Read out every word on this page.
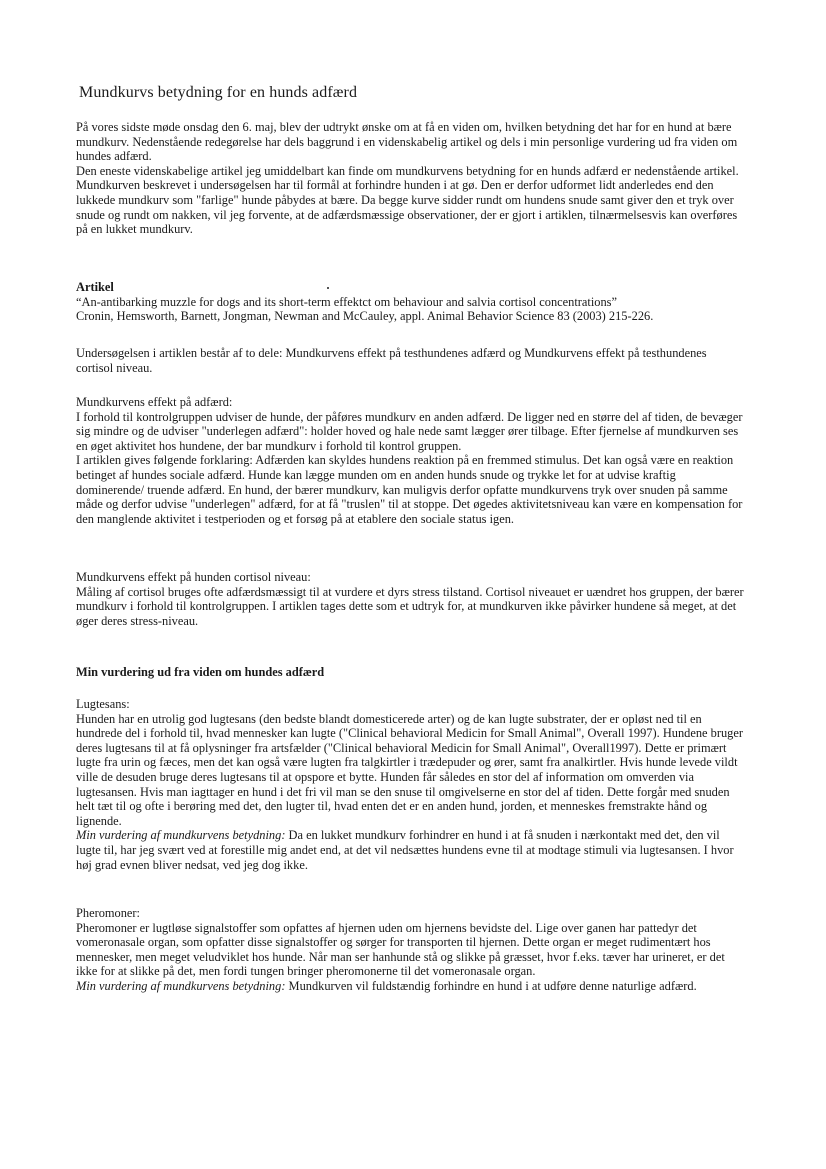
Mundkurvs betydning for en hunds adfærd

På vores sidste møde onsdag den 6. maj, blev der udtrykt ønske om at få en viden om, hvilken betydning det har for en hund at bære mundkurv. Nedenstående redegørelse har dels baggrund i en videnskabelig artikel og dels i min personlige vurdering ud fra viden om hundes adfærd.

Den eneste videnskabelige artikel jeg umiddelbart kan finde om mundkurvens betydning for en hunds adfærd er nedenstående artikel. Mundkurven beskrevet i undersøgelsen har til formål at forhindre hunden i at gø. Den er derfor udformet lidt anderledes end den lukkede mundkurv som "farlige" hunde påbydes at bære. Da begge kurve sidder rundt om hundens snude samt giver den et tryk over snude og rundt om nakken, vil jeg forvente, at de adfærdsmæssige observationer, der er gjort i artiklen, tilnærmelsesvis kan overføres på en lukket mundkurv.

Artikel

“An-antibarking muzzle for dogs and its short-term effektct om behaviour and salvia cortisol concentrations”

Cronin, Hemsworth, Barnett, Jongman, Newman and McCauley, appl. Animal Behavior Science 83 (2003) 215-226.

Undersøgelsen i artiklen består af to dele: Mundkurvens effekt på testhundenes adfærd og Mundkurvens effekt på testhundenes cortisol niveau.

Mundkurvens effekt på adfærd:

I forhold til kontrolgruppen udviser de hunde, der påføres mundkurv en anden adfærd. De ligger ned en større del af tiden, de bevæger sig mindre og de udviser "underlegen adfærd": holder hoved og hale nede samt lægger ører tilbage. Efter fjernelse af mundkurven ses en øget aktivitet hos hundene, der bar mundkurv i forhold til kontrol gruppen.

I artiklen gives følgende forklaring: Adfærden kan skyldes hundens reaktion på en fremmed stimulus. Det kan også være en reaktion betinget af hundes sociale adfærd. Hunde kan lægge munden om en anden hunds snude og trykke let for at udvise kraftig dominerende/ truende adfærd. En hund, der bærer mundkurv, kan muligvis derfor opfatte mundkurvens tryk over snuden på samme måde og derfor udvise "underlegen" adfærd, for at få "truslen" til at stoppe. Det øgedes aktivitetsniveau kan være en kompensation for den manglende aktivitet i testperioden og et forsøg på at etablere den sociale status igen.

Mundkurvens effekt på hunden cortisol niveau:

Måling af cortisol bruges ofte adfærdsmæssigt til at vurdere et dyrs stress tilstand. Cortisol niveauet er uændret hos gruppen, der bærer mundkurv i forhold til kontrolgruppen. I artiklen tages dette som et udtryk for, at mundkurven ikke påvirker hundene så meget, at det øger deres stress-niveau.

Min vurdering ud fra viden om hundes adfærd

Lugtesans:

Hunden har en utrolig god lugtesans (den bedste blandt domesticerede arter) og de kan lugte substrater, der er opløst ned til en hundrede del i forhold til, hvad mennesker kan lugte ("Clinical behavioral Medicin for Small Animal", Overall 1997). Hundene bruger deres lugtesans til at få oplysninger fra artsfælder ("Clinical behavioral Medicin for Small Animal", Overall1997). Dette er primært lugte fra urin og fæces, men det kan også være lugten fra talgkirtler i trædepuder og ører, samt fra analkirtler. Hvis hunde levede vildt ville de desuden bruge deres lugtesans til at opspore et bytte. Hunden får således en stor del af information om omverden via lugtesansen. Hvis man iagttager en hund i det fri vil man se den snuse til omgivelserne en stor del af tiden. Dette forgår med snuden helt tæt til og ofte i berøring med det, den lugter til, hvad enten det er en anden hund, jorden, et menneskes fremstrakte hånd og lignende.

Min vurdering af mundkurvens betydning: Da en lukket mundkurv forhindrer en hund i at få snuden i nærkontakt med det, den vil lugte til, har jeg svært ved at forestille mig andet end, at det vil nedsættes hundens evne til at modtage stimuli via lugtesansen. I hvor høj grad evnen bliver nedsat, ved jeg dog ikke.

Pheromoner:

Pheromoner er lugtløse signalstoffer som opfattes af hjernen uden om hjernens bevidste del. Lige over ganen har pattedyr det vomeronasale organ, som opfatter disse signalstoffer og sørger for transporten til hjernen. Dette organ er meget rudimentært hos mennesker, men meget veludviklet hos hunde. Når man ser hanhunde stå og slikke på græsset, hvor f.eks. tæver har urineret, er det ikke for at slikke på det, men fordi tungen bringer pheromonerne til det vomeronasale organ.

Min vurdering af mundkurvens betydning: Mundkurven vil fuldstændig forhindre en hund i at udføre denne naturlige adfærd.
